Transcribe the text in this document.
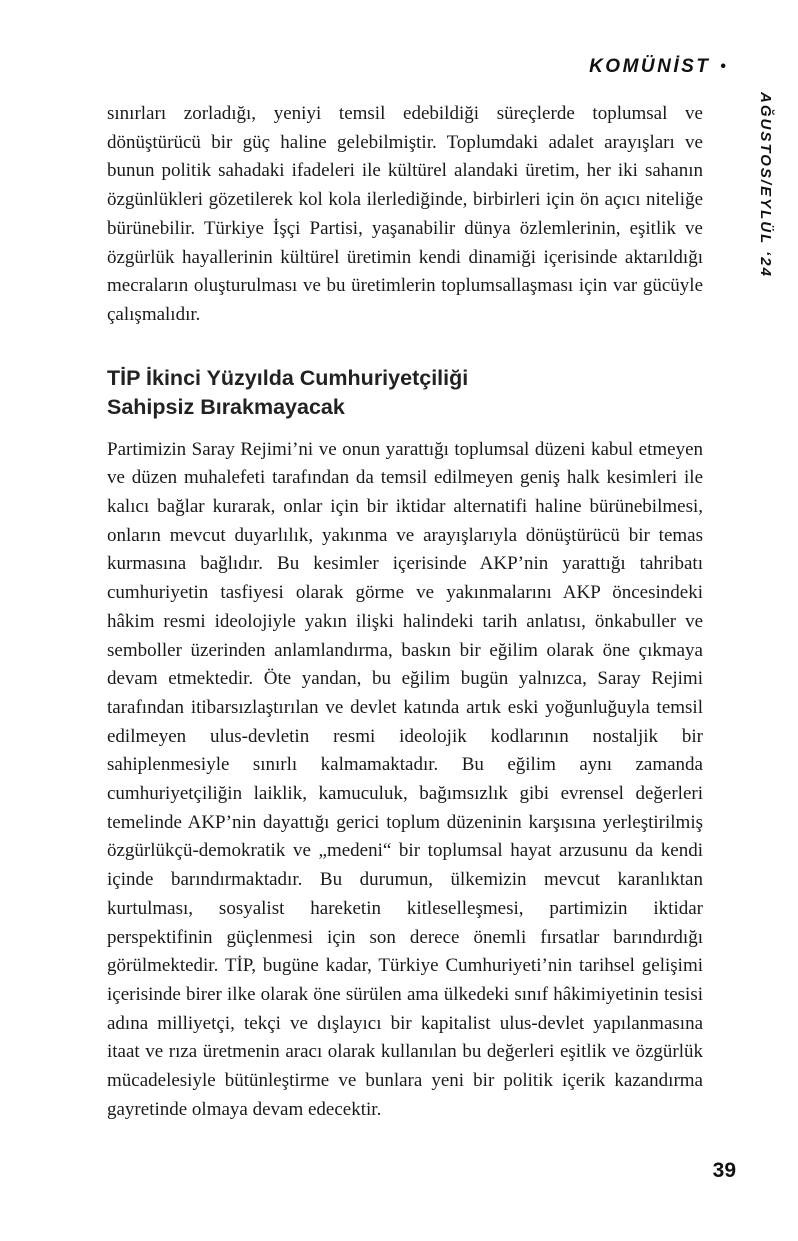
KOMÜNİST •
AĞUSTOS/EYLÜL ‘24

sınırları zorladığı, yeniyi temsil edebildiği süreçlerde toplumsal ve dönüştürücü bir güç haline gelebilmiştir. Toplumdaki adalet arayışları ve bunun politik sahadaki ifadeleri ile kültürel alandaki üretim, her iki sahanın özgünlükleri gözetilerek kol kola ilerlediğinde, birbirleri için ön açıcı niteliğe bürünebilir. Türkiye İşçi Partisi, yaşanabilir dünya özlemlerinin, eşitlik ve özgürlük hayallerinin kültürel üretimin kendi dinamiği içerisinde aktarıldığı mecraların oluşturulması ve bu üretimlerin toplumsallaşması için var gücüyle çalışmalıdır.

TİP İkinci Yüzyılda Cumhuriyetçiliği Sahipsiz Bırakmayacak

Partimizin Saray Rejimi’ni ve onun yarattığı toplumsal düzeni kabul etmeyen ve düzen muhalefeti tarafından da temsil edilmeyen geniş halk kesimleri ile kalıcı bağlar kurarak, onlar için bir iktidar alternatifi haline bürünebilmesi, onların mevcut duyarlılık, yakınma ve arayışlarıyla dönüştürücü bir temas kurmasına bağlıdır. Bu kesimler içerisinde AKP’nin yarattığı tahribatı cumhuriyetin tasfiyesi olarak görme ve yakınmalarını AKP öncesindeki hâkim resmi ideolojiyle yakın ilişki halindeki tarih anlatısı, önkabuller ve semboller üzerinden anlamlandırma, baskın bir eğilim olarak öne çıkmaya devam etmektedir. Öte yandan, bu eğilim bugün yalnızca, Saray Rejimi tarafından itibarsızlaştırılan ve devlet katında artık eski yoğunluğuyla temsil edilmeyen ulus-devletin resmi ideolojik kodlarının nostaljik bir sahiplenmesiyle sınırlı kalmamaktadır. Bu eğilim aynı zamanda cumhuriyetçiliğin laiklik, kamuculuk, bağımsızlık gibi evrensel değerleri temelinde AKP’nin dayattığı gerici toplum düzeninin karşısına yerleştirilmiş özgürlükçü-demokratik ve „medeni“ bir toplumsal hayat arzusunu da kendi içinde barındırmaktadır. Bu durumun, ülkemizin mevcut karanlıktan kurtulması, sosyalist hareketin kitleselleşmesi, partimizin iktidar perspektifinin güçlenmesi için son derece önemli fırsatlar barındırdığı görülmektedir. TİP, bugüne kadar, Türkiye Cumhuriyeti’nin tarihsel gelişimi içerisinde birer ilke olarak öne sürülen ama ülkedeki sınıf hâkimiyetinin tesisi adına milliyetçi, tekçi ve dışlayıcı bir kapitalist ulus-devlet yapılanmasına itaat ve rıza üretmenin aracı olarak kullanılan bu değerleri eşitlik ve özgürlük mücadelesiyle bütünleştirme ve bunlara yeni bir politik içerik kazandırma gayretinde olmaya devam edecektir.

39
